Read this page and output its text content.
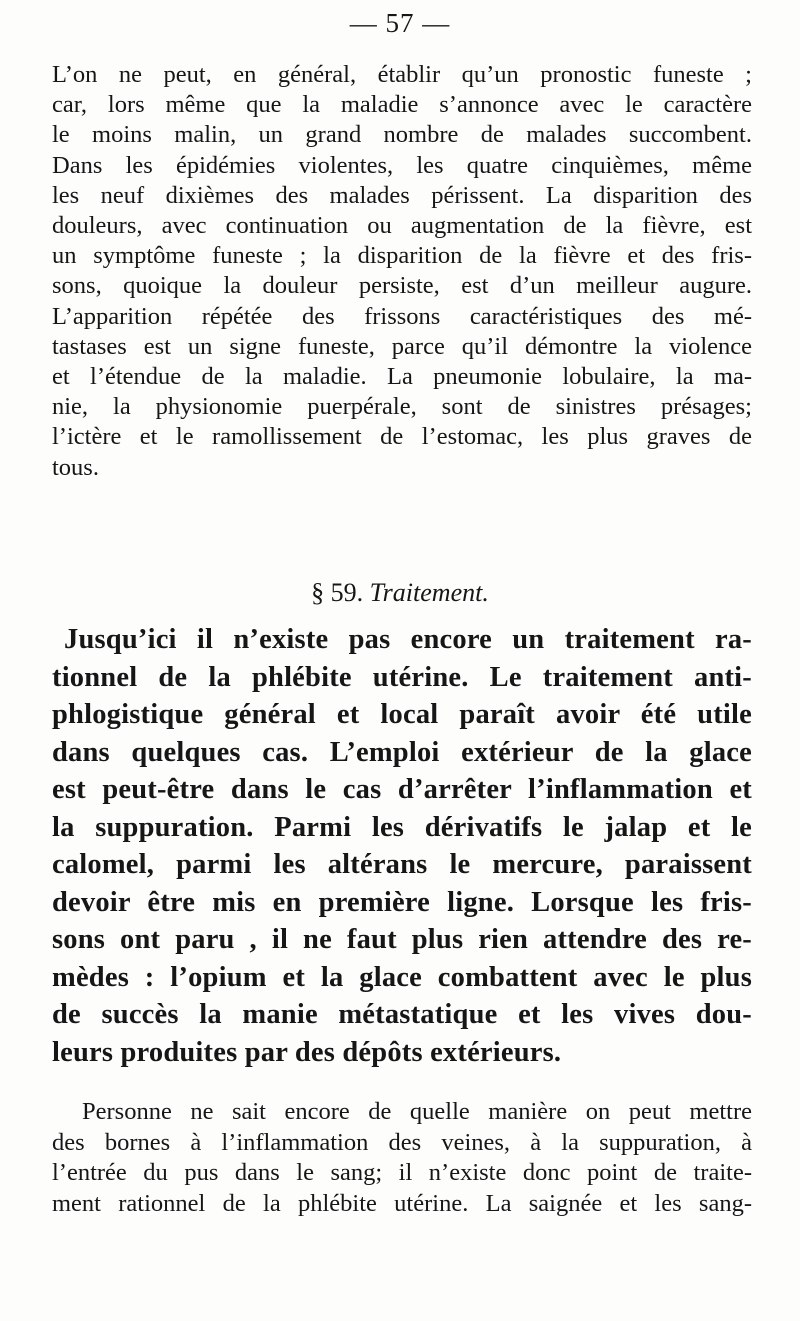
— 57 —
L’on ne peut, en général, établir qu’un pronostic funeste ;
car, lors même que la maladie s’annonce avec le caractère
le moins malin, un grand nombre de malades succombent.
Dans les épidémies violentes, les quatre cinquièmes, même
les neuf dixièmes des malades périssent. La disparition des
douleurs, avec continuation ou augmentation de la fièvre, est
un symptôme funeste ; la disparition de la fièvre et des fris-
sons, quoique la douleur persiste, est d’un meilleur augure.
L’apparition répétée des frissons caractéristiques des mé-
tastases est un signe funeste, parce qu’il démontre la violence
et l’étendue de la maladie. La pneumonie lobulaire, la ma-
nie, la physionomie puerpérale, sont de sinistres présages;
l’ictère et le ramollissement de l’estomac, les plus graves de
tous.
§ 59. Traitement.
Jusqu’ici il n’existe pas encore un traitement ra-
tionnel de la phlébite utérine. Le traitement anti-
phlogistique général et local paraît avoir été utile
dans quelques cas. L’emploi extérieur de la glace
est peut-être dans le cas d’arrêter l’inflammation et
la suppuration. Parmi les dérivatifs le jalap et le
calomel, parmi les altérans le mercure, paraissent
devoir être mis en première ligne. Lorsque les fris-
sons ont paru , il ne faut plus rien attendre des re-
mèdes : l’opium et la glace combattent avec le plus
de succès la manie métastatique et les vives dou-
leurs produites par des dépôts extérieurs.
Personne ne sait encore de quelle manière on peut mettre
des bornes à l’inflammation des veines, à la suppuration, à
l’entrée du pus dans le sang; il n’existe donc point de traite-
ment rationnel de la phlébite utérine. La saignée et les sang-
